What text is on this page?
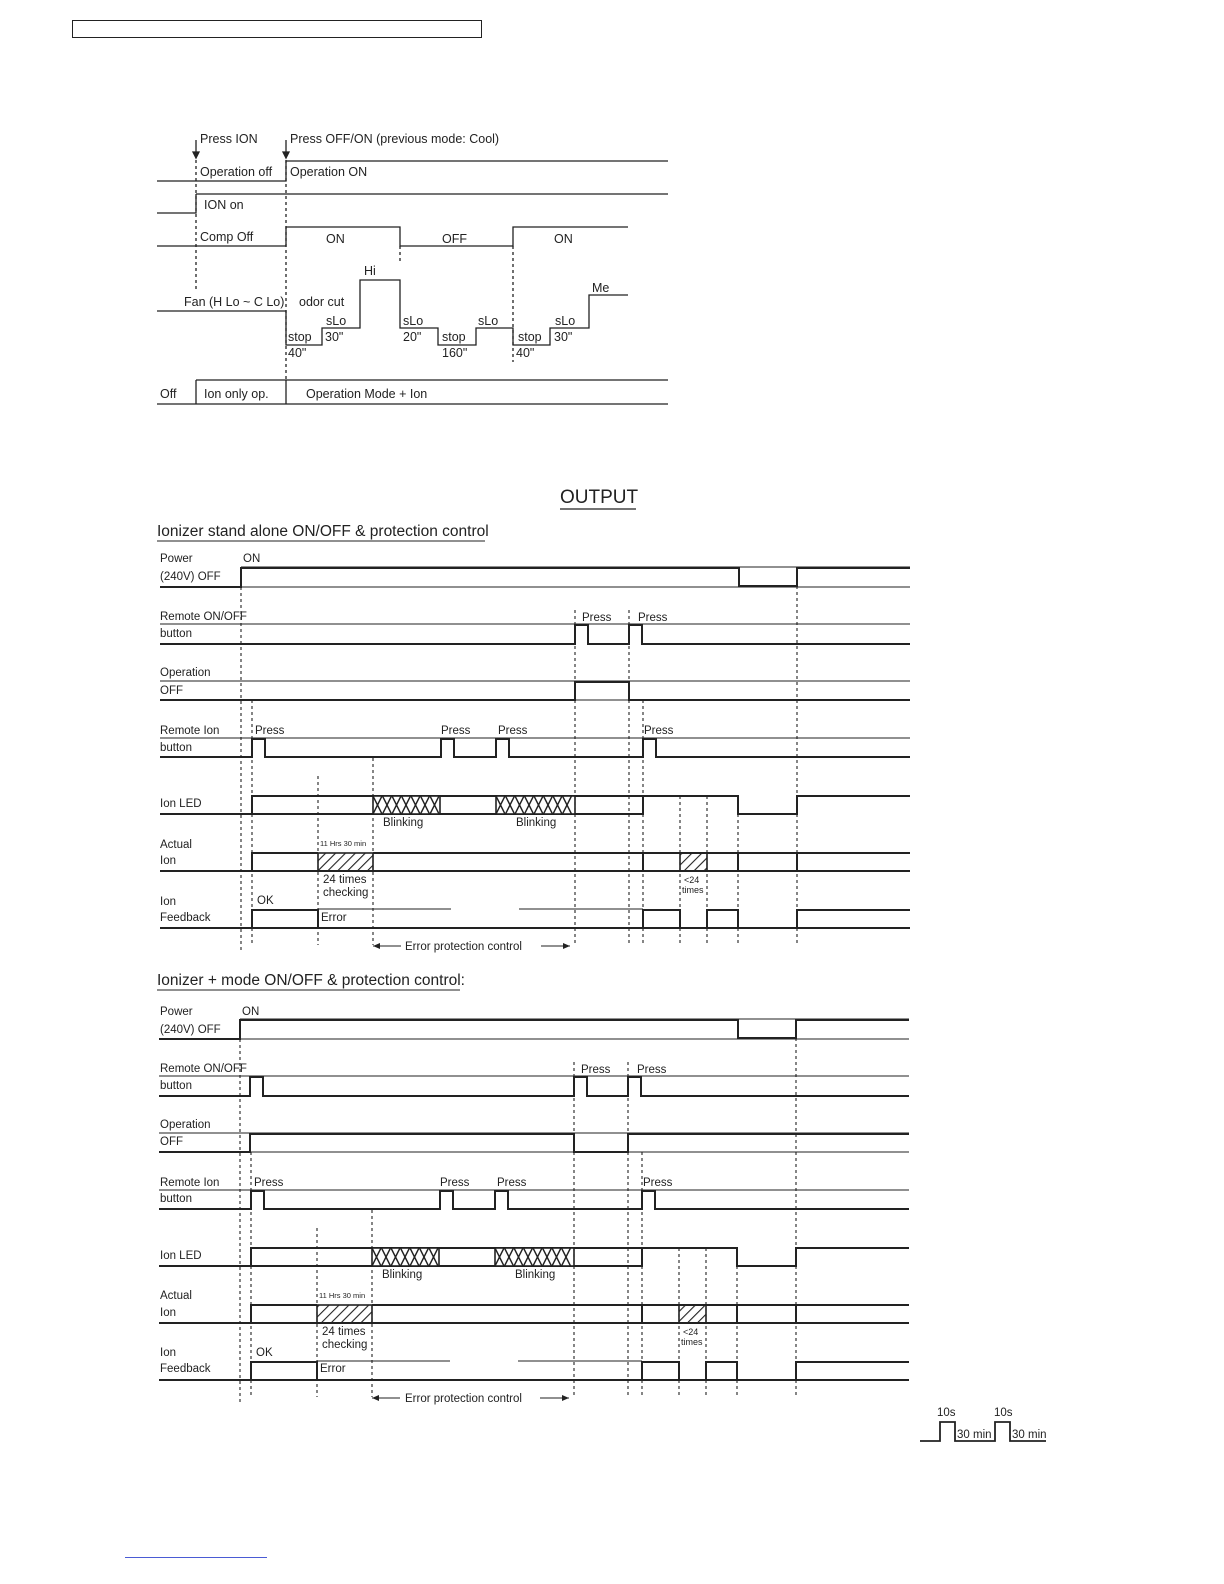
Press ION	Press OFF/ON (previous mode: Cool)
Operation off Operation ON
ION on
Comp Off	ON	OFF	ON
Hi
Me
Fan (H Lo ~ C Lo) odor cut
stop
40"
sLo
30"
sLo
20" stop
160"
sLo
stop
40"
sLo
30"
Off Ion only op.	Operation Mode + Ion
OUTPUT
Ionizer stand alone ON/OFF & protection control
Power
(240V) OFF
ON
Remote ON/OFF
button
Press Press
Operation
OFF
Remote Ion
button
Press	Press Press	Press
Ion LED
Blinking	Blinking
Actual
Ion
11 Hrs 30 min
24 times
checking
<24
times
Ion
Feedback
OK
Error
Error protection control
Ionizer + mode ON/OFF & protection control:
Power
(240V) OFF
ON
Remote ON/OFF
button
Press Press
Operation
OFF
Remote Ion
button
Press	Press Press	Press
Ion LED
Blinking	Blinking
Actual
Ion
11 Hrs 30 min
24 times
checking
<24
times
Ion
Feedback
OK
Error
Error protection control
10s	10s
30 min 30 min
